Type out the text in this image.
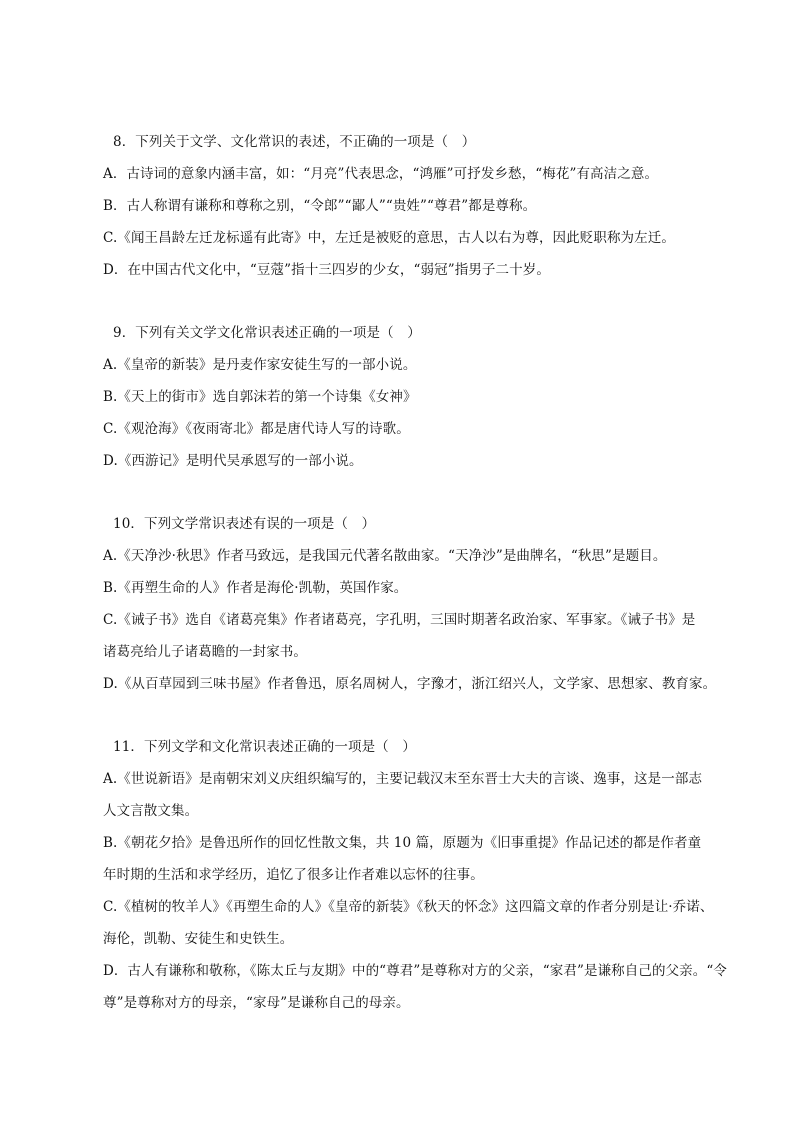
8．下列关于文学、文化常识的表述，不正确的一项是（　）
A．古诗词的意象内涵丰富，如：“月亮”代表思念，“鸿雁”可抒发乡愁，“梅花”有高洁之意。
B．古人称谓有谦称和尊称之别，“令郎”“鄙人”“贵姓”“尊君”都是尊称。
C.《闻王昌龄左迁龙标遥有此寄》中，左迁是被贬的意思，古人以右为尊，因此贬职称为左迁。
D．在中国古代文化中，“豆蔻”指十三四岁的少女，“弱冠”指男子二十岁。
9．下列有关文学文化常识表述正确的一项是（　）
A.《皇帝的新装》是丹麦作家安徒生写的一部小说。
B.《天上的街市》选自郭沫若的第一个诗集《女神》
C.《观沧海》《夜雨寄北》都是唐代诗人写的诗歌。
D.《西游记》是明代吴承恩写的一部小说。
10．下列文学常识表述有误的一项是（　）
A.《天净沙·秋思》作者马致远，是我国元代著名散曲家。“天净沙”是曲牌名，“秋思”是题目。
B.《再塑生命的人》作者是海伦·凯勒，英国作家。
C.《诫子书》选自《诸葛亮集》作者诸葛亮，字孔明，三国时期著名政治家、军事家。《诫子书》是
诸葛亮给儿子诸葛瞻的一封家书。
D.《从百草园到三味书屋》作者鲁迅，原名周树人，字豫才，浙江绍兴人，文学家、思想家、教育家。
11．下列文学和文化常识表述正确的一项是（　）
A.《世说新语》是南朝宋刘义庆组织编写的，主要记载汉末至东晋士大夫的言谈、逸事，这是一部志
人文言散文集。
B.《朝花夕拾》是鲁迅所作的回忆性散文集，共 10 篇，原题为《旧事重提》作品记述的都是作者童
年时期的生活和求学经历，追忆了很多让作者难以忘怀的往事。
C.《植树的牧羊人》《再塑生命的人》《皇帝的新装》《秋天的怀念》这四篇文章的作者分别是让·乔诺、
海伦，凯勒、安徒生和史铁生。
D．古人有谦称和敬称，《陈太丘与友期》中的“尊君”是尊称对方的父亲，“家君”是谦称自己的父亲。“令
尊”是尊称对方的母亲，“家母”是谦称自己的母亲。
